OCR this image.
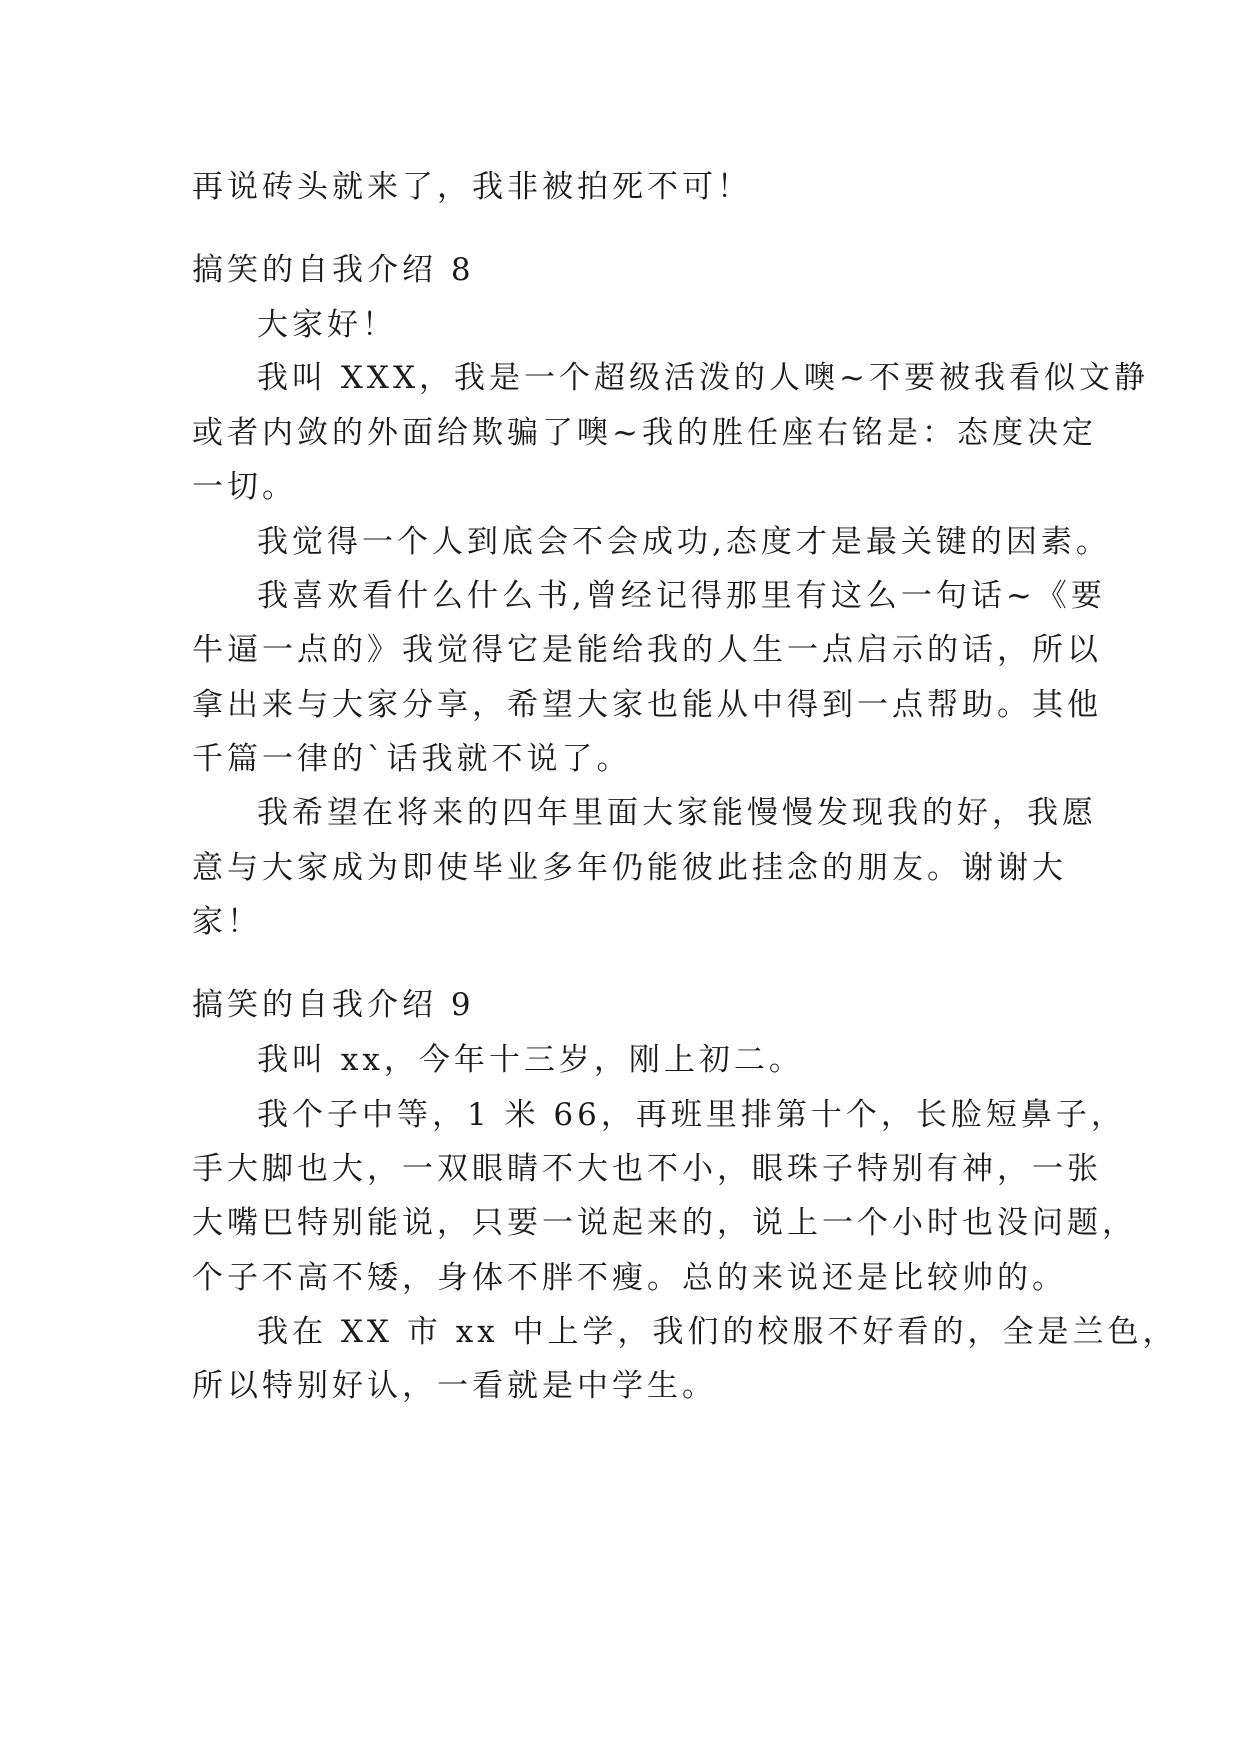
再说砖头就来了，我非被拍死不可！
搞笑的自我介绍 8
大家好！
我叫 XXX，我是一个超级活泼的人噢~不要被我看似文静
或者内敛的外面给欺骗了噢~我的胜任座右铭是：态度决定
一切。
我觉得一个人到底会不会成功,态度才是最关键的因素。
我喜欢看什么什么书,曾经记得那里有这么一句话~《要
牛逼一点的》我觉得它是能给我的人生一点启示的话，所以
拿出来与大家分享，希望大家也能从中得到一点帮助。其他
千篇一律的`话我就不说了。
我希望在将来的四年里面大家能慢慢发现我的好，我愿
意与大家成为即使毕业多年仍能彼此挂念的朋友。谢谢大
家！
搞笑的自我介绍 9
我叫 xx，今年十三岁，刚上初二。
我个子中等，1 米 66，再班里排第十个，长脸短鼻子，
手大脚也大，一双眼睛不大也不小，眼珠子特别有神，一张
大嘴巴特别能说，只要一说起来的，说上一个小时也没问题，
个子不高不矮，身体不胖不瘦。总的来说还是比较帅的。
我在 XX 市 xx 中上学，我们的校服不好看的，全是兰色，
所以特别好认，一看就是中学生。
